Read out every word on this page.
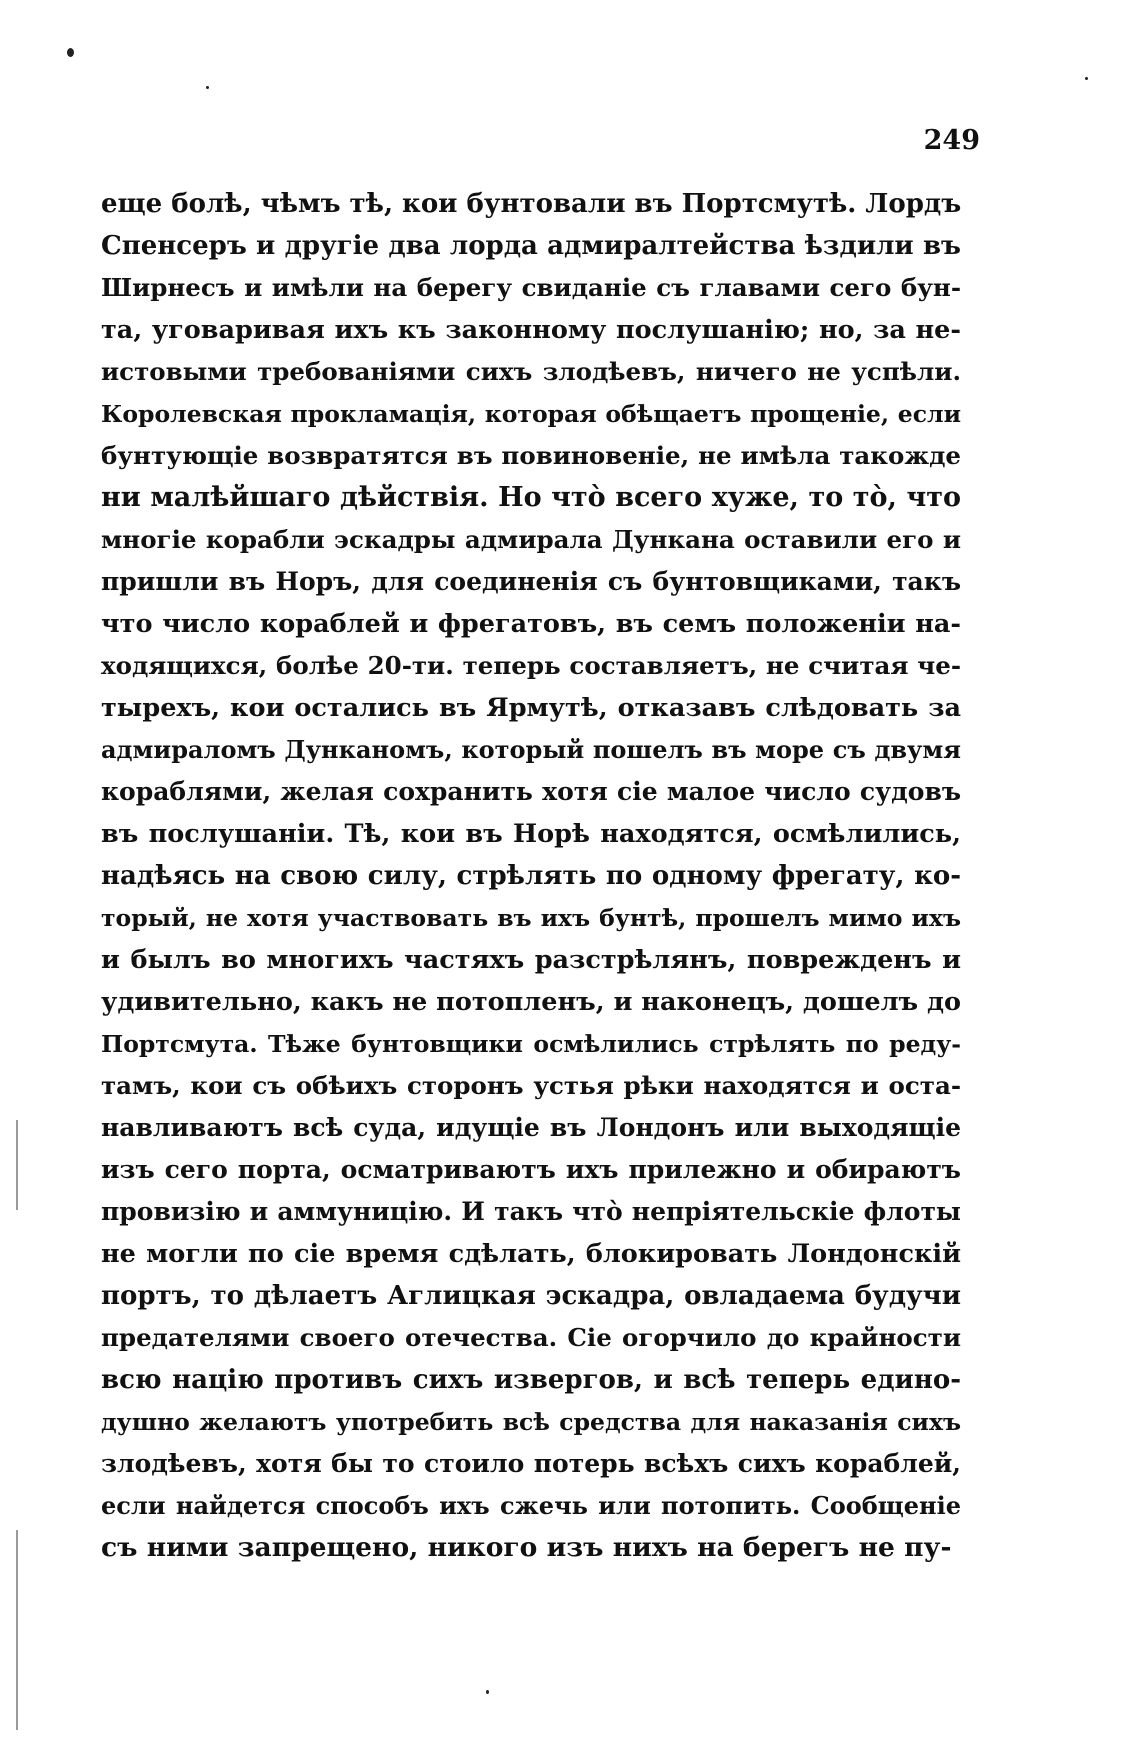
249
еще болѣ, чѣмъ тѣ, кои бунтовали въ Портсмутѣ. Лордъ
Спенсеръ и другіе два лорда адмиралтейства ѣздили въ
Ширнесъ и имѣли на берегу свиданіе съ главами сего бун-
та, уговаривая ихъ къ законному послушанію; но, за не-
истовыми требованіями сихъ злодѣевъ, ничего не успѣли.
Королевская прокламація, которая обѣщаетъ прощеніе, если
бунтующіе возвратятся въ повиновеніе, не имѣла такожде
ни малѣйшаго дѣйствія. Но что̀ всего хуже, то то̀, что
многіе корабли эскадры адмирала Дункана оставили его и
пришли въ Норъ, для соединенія съ бунтовщиками, такъ
что число кораблей и фрегатовъ, въ семъ положеніи на-
ходящихся, болѣе 20-ти. теперь составляетъ, не считая че-
тырехъ, кои остались въ Ярмутѣ, отказавъ слѣдовать за
адмираломъ Дунканомъ, который пошелъ въ море съ двумя
кораблями, желая сохранить хотя сіе малое число судовъ
въ послушаніи. Тѣ, кои въ Норѣ находятся, осмѣлились,
надѣясь на свою силу, стрѣлять по одному фрегату, ко-
торый, не хотя участвовать въ ихъ бунтѣ, прошелъ мимо ихъ
и былъ во многихъ частяхъ разстрѣлянъ, поврежденъ и
удивительно, какъ не потопленъ, и наконецъ, дошелъ до
Портсмута. Тѣже бунтовщики осмѣлились стрѣлять по реду-
тамъ, кои съ обѣихъ сторонъ устья рѣки находятся и оста-
навливаютъ всѣ суда, идущіе въ Лондонъ или выходящіе
изъ сего порта, осматриваютъ ихъ прилежно и обираютъ
провизію и аммуницію. И такъ что̀ непріятельскіе флоты
не могли по сіе время сдѣлать, блокировать Лондонскій
портъ, то дѣлаетъ Аглицкая эскадра, овладаема будучи
предателями своего отечества. Сіе огорчило до крайности
всю націю противъ сихъ извергов, и всѣ теперь едино-
душно желаютъ употребить всѣ средства для наказанія сихъ
злодѣевъ, хотя бы то стоило потерь всѣхъ сихъ кораблей,
если найдется способъ ихъ сжечь или потопить. Сообщеніе
съ ними запрещено, никого изъ нихъ на берегъ не пу-
